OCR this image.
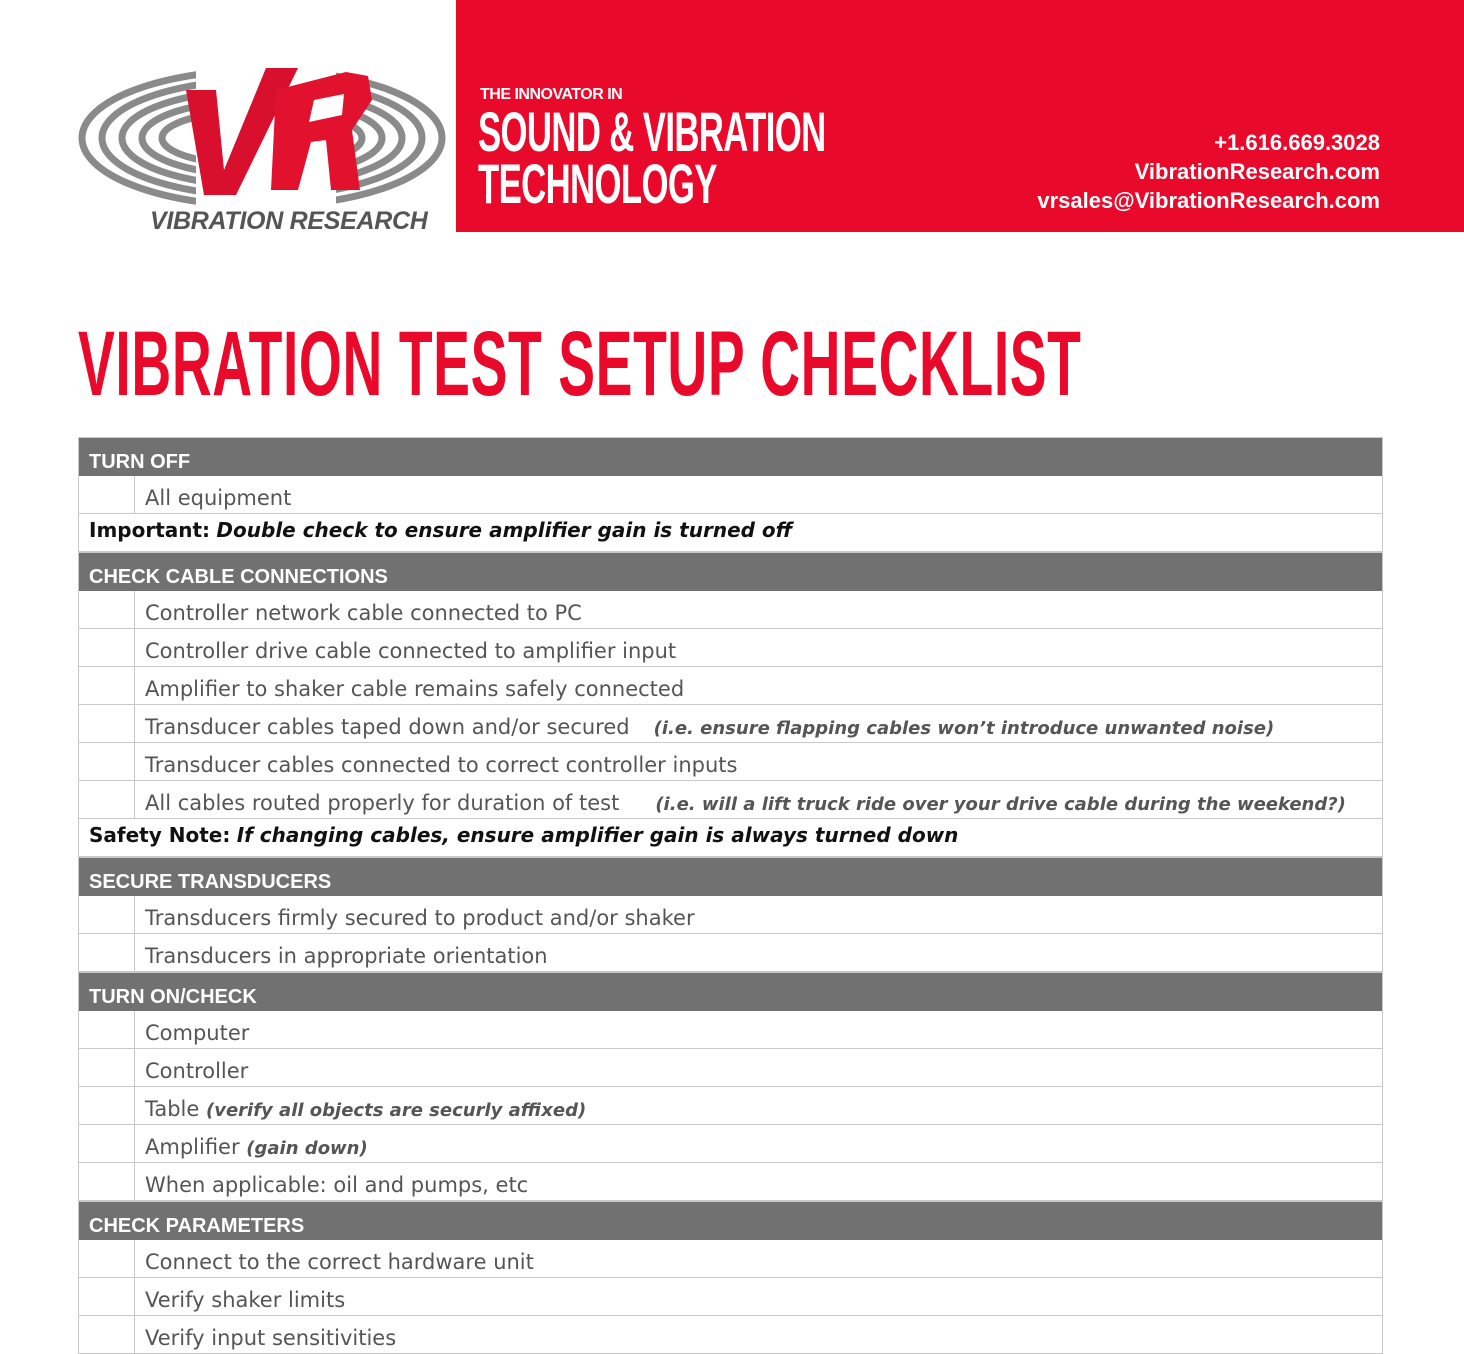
VIBRATION RESEARCH
THE INNOVATOR IN
SOUND & VIBRATION
TECHNOLOGY
+1.616.669.3028
VibrationResearch.com
vrsales@VibrationResearch.com
VIBRATION TEST SETUP CHECKLIST
TURN OFF
All equipment
Important: Double check to ensure amplifier gain is turned off
CHECK CABLE CONNECTIONS
Controller network cable connected to PC
Controller drive cable connected to amplifier input
Amplifier to shaker cable remains safely connected
Transducer cables taped down and/or secured (i.e. ensure flapping cables won’t introduce unwanted noise)
Transducer cables connected to correct controller inputs
All cables routed properly for duration of test (i.e. will a lift truck ride over your drive cable during the weekend?)
Safety Note: If changing cables, ensure amplifier gain is always turned down
SECURE TRANSDUCERS
Transducers firmly secured to product and/or shaker
Transducers in appropriate orientation
TURN ON/CHECK
Computer
Controller
Table (verify all objects are securly affixed)
Amplifier (gain down)
When applicable: oil and pumps, etc
CHECK PARAMETERS
Connect to the correct hardware unit
Verify shaker limits
Verify input sensitivities
